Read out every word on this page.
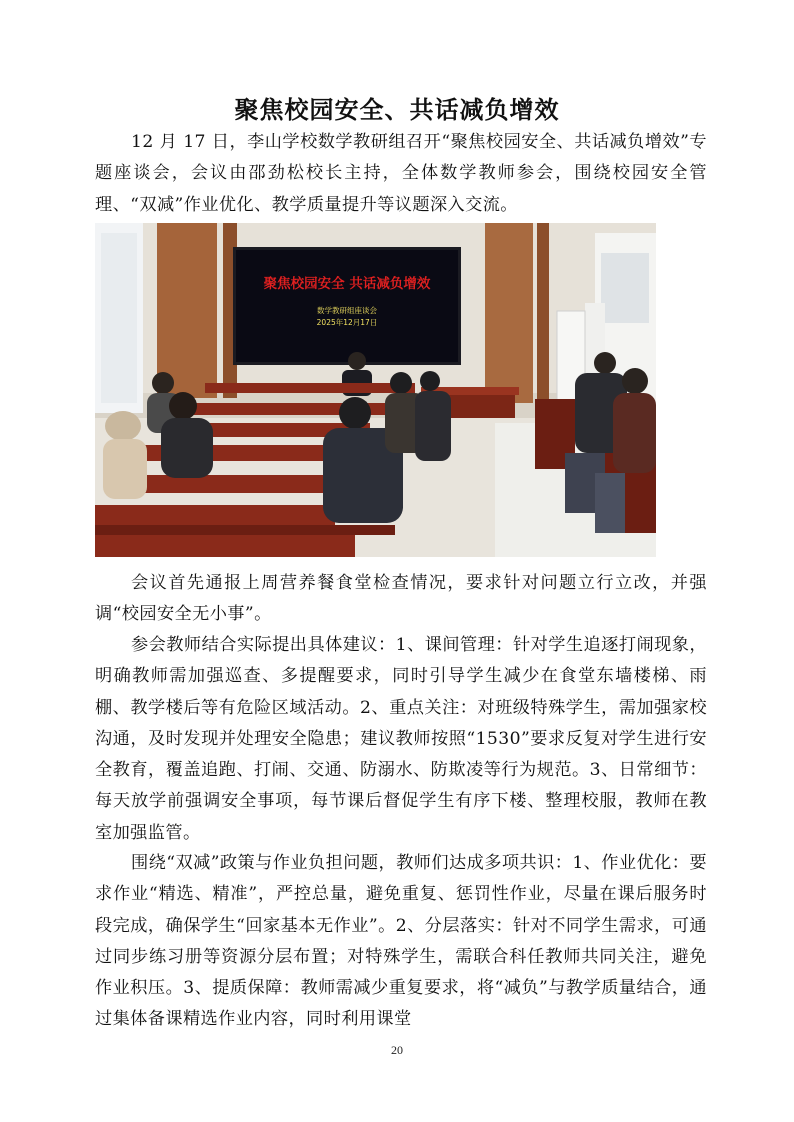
聚焦校园安全、共话减负增效

12 月 17 日，李山学校数学教研组召开“聚焦校园安全、共话减负增效”专题座谈会，会议由邵劲松校长主持，全体数学教师参会，围绕校园安全管理、“双减”作业优化、教学质量提升等议题深入交流。

聚焦校园安全 共话减负增效
数学教研组座谈会
2025年12月17日

会议首先通报上周营养餐食堂检查情况，要求针对问题立行立改，并强调“校园安全无小事”。

参会教师结合实际提出具体建议：1、课间管理：针对学生追逐打闹现象，明确教师需加强巡查、多提醒要求，同时引导学生减少在食堂东墙楼梯、雨棚、教学楼后等有危险区域活动。2、重点关注：对班级特殊学生，需加强家校沟通，及时发现并处理安全隐患；建议教师按照“1530”要求反复对学生进行安全教育，覆盖追跑、打闹、交通、防溺水、防欺凌等行为规范。3、日常细节：每天放学前强调安全事项，每节课后督促学生有序下楼、整理校服，教师在教室加强监管。

围绕“双减”政策与作业负担问题，教师们达成多项共识：1、作业优化：要求作业“精选、精准”，严控总量，避免重复、惩罚性作业，尽量在课后服务时段完成，确保学生“回家基本无作业”。2、分层落实：针对不同学生需求，可通过同步练习册等资源分层布置；对特殊学生，需联合科任教师共同关注，避免作业积压。3、提质保障：教师需减少重复要求，将“减负”与教学质量结合，通过集体备课精选作业内容，同时利用课堂

20
